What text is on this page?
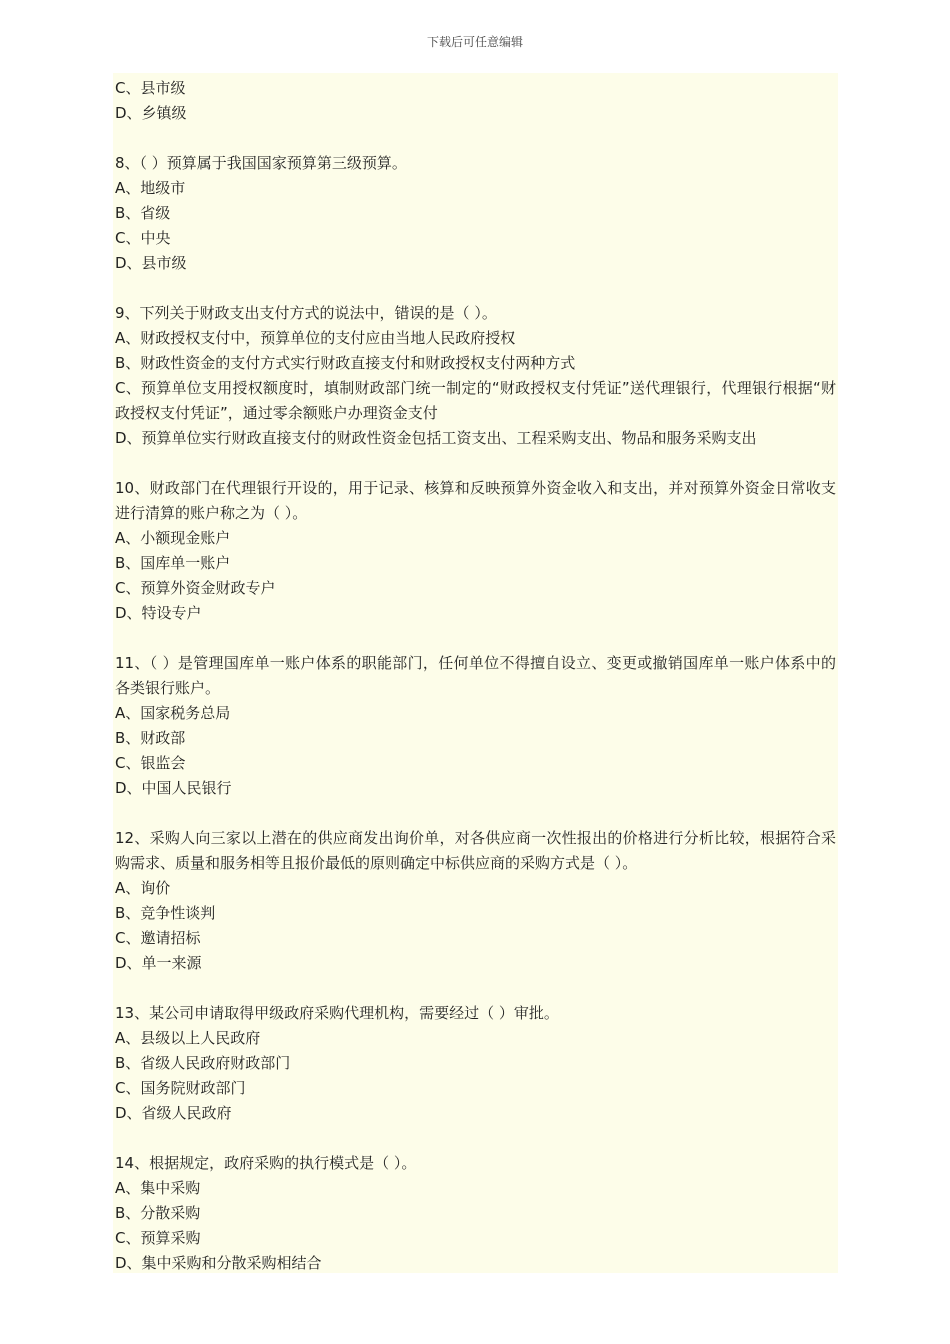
下载后可任意编辑
C、县市级
D、乡镇级
8、（ ）预算属于我国国家预算第三级预算。
A、地级市
B、省级
C、中央
D、县市级
9、下列关于财政支出支付方式的说法中，错误的是（ ）。
A、财政授权支付中，预算单位的支付应由当地人民政府授权
B、财政性资金的支付方式实行财政直接支付和财政授权支付两种方式
C、预算单位支用授权额度时，填制财政部门统一制定的“财政授权支付凭证”送代理银行，代理银行根据“财政授权支付凭证”，通过零余额账户办理资金支付
D、预算单位实行财政直接支付的财政性资金包括工资支出、工程采购支出、物品和服务采购支出
10、财政部门在代理银行开设的，用于记录、核算和反映预算外资金收入和支出，并对预算外资金日常收支进行清算的账户称之为（ ）。
A、小额现金账户
B、国库单一账户
C、预算外资金财政专户
D、特设专户
11、（ ）是管理国库单一账户体系的职能部门，任何单位不得擅自设立、变更或撤销国库单一账户体系中的各类银行账户。
A、国家税务总局
B、财政部
C、银监会
D、中国人民银行
12、采购人向三家以上潜在的供应商发出询价单，对各供应商一次性报出的价格进行分析比较，根据符合采购需求、质量和服务相等且报价最低的原则确定中标供应商的采购方式是（ ）。
A、询价
B、竞争性谈判
C、邀请招标
D、单一来源
13、某公司申请取得甲级政府采购代理机构，需要经过（ ）审批。
A、县级以上人民政府
B、省级人民政府财政部门
C、国务院财政部门
D、省级人民政府
14、根据规定，政府采购的执行模式是（ ）。
A、集中采购
B、分散采购
C、预算采购
D、集中采购和分散采购相结合
